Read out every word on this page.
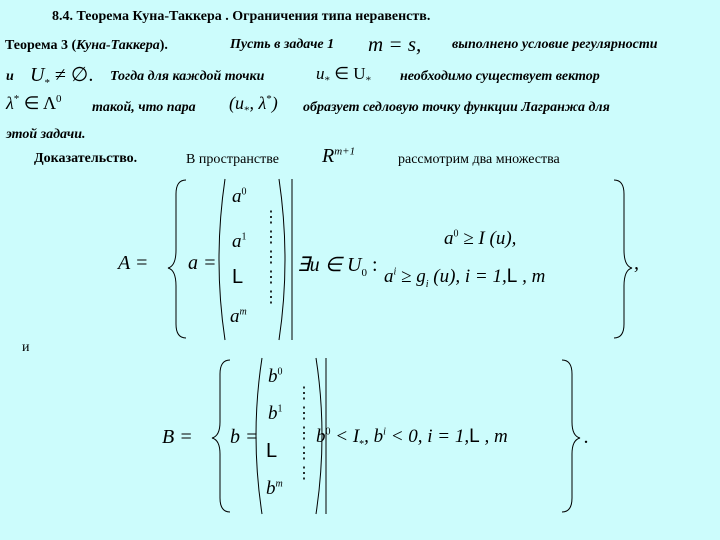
8.4. Теорема Куна-Таккера . Ограничения типа неравенств.
Теорема 3 (Куна-Таккера).	Пусть в задаче 1 m = s, выполнено условие регулярности
и $U_*$ ≠ ∅. Тогда для каждой точки	$u_*$ ∈ $U_*$ необходимо существует вектор
λ* ∈ $\Lambda^0$
такой, что пара ($u_*$, λ*) образует седловую точку функции Лагранжа для
этой задачи.
Доказательство.	В пространстве $R^{m+1}$
рассмотрим два множества
⋮
⋮
⋮
⋮
⋮
⋮
⋮
⋮
⋮
⋮
A = a =
$a^0$
$a^1$
L
$a^m$
∃u ∈ $U_0$ :
$a^0 \ge I$ (u),
$a^i \ge g_i$ (u), i = 1,L , m
,
и
B = b =
$b^0$
$b^1$
L
$b^m$
$b^0 < I_*$, $b^i < 0$, i = 1,L , m	.
